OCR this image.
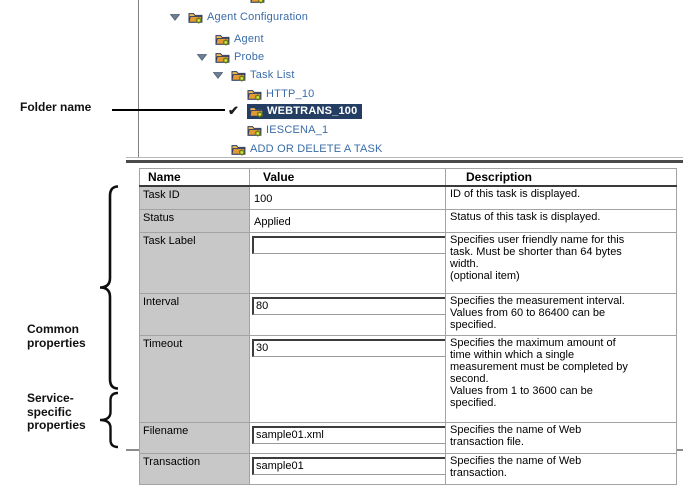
Agent Configuration
Agent
Probe
Task List
HTTP_10
✔	WEBTRANS_100
IESCENA_1
ADD OR DELETE A TASK
Name	Value	Description
Task ID	100	ID of this task is displayed.
Status	Applied	Status of this task is displayed.
Task Label		Specifies user friendly name for this
task. Must be shorter than 64 bytes
width.
(optional item)
Interval	80	Specifies the measurement interval.
Values from 60 to 86400 can be
specified.
Timeout	30	Specifies the maximum amount of
time within which a single
measurement must be completed by
second.
Values from 1 to 3600 can be
specified.
Filename	sample01.xml	Specifies the name of Web
transaction file.
Transaction	sample01	Specifies the name of Web
transaction.
Folder name
Common
properties
Service-
specific
properties
